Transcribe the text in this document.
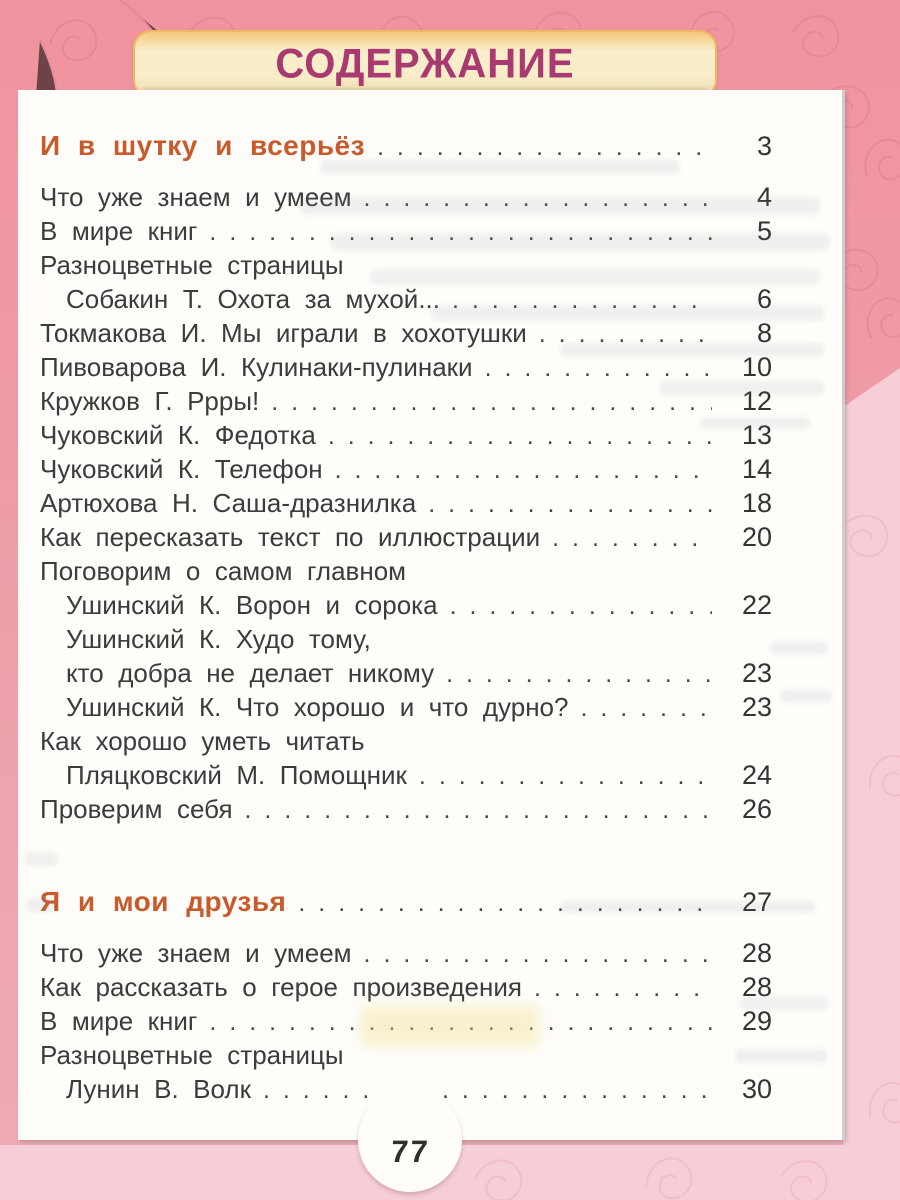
СОДЕРЖАНИЕ
И в шутку и всерьёз . . .	3
Что уже знаем и умеем . . .	4
В мире книг . . .	5
Разноцветные страницы
Собакин Т. Охота за мухой... . . .	6
Токмакова И. Мы играли в хохотушки . . .	8
Пивоварова И. Кулинаки-пулинаки . . .	10
Кружков Г. Ррры! . . .	12
Чуковский К. Федотка . . .	13
Чуковский К. Телефон . . .	14
Артюхова Н. Саша-дразнилка . . .	18
Как пересказать текст по иллюстрации . . .	20
Поговорим о самом главном
Ушинский К. Ворон и сорока . . .	22
Ушинский К. Худо тому,
кто добра не делает никому . . .	23
Ушинский К. Что хорошо и что дурно? . . .	23
Как хорошо уметь читать
Пляцковский М. Помощник . . .	24
Проверим себя . . .	26
Я и мои друзья . . .	27
Что уже знаем и умеем . . .	28
Как рассказать о герое произведения . . .	28
В мире книг . . .	29
Разноцветные страницы
Лунин В. Волк . . .	30
77
